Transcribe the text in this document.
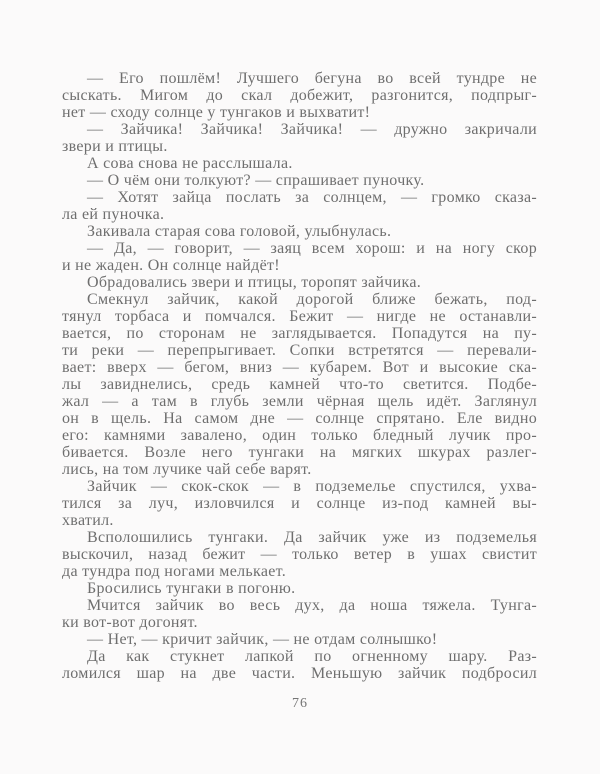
— Его пошлём! Лучшего бегуна во всей тундре не
сыскать. Мигом до скал добежит, разгонится, подпрыг-
нет — сходу солнце у тунгаков и выхватит!
— Зайчика! Зайчика! Зайчика! — дружно закричали
звери и птицы.
А сова снова не расслышала.
— О чём они толкуют? — спрашивает пуночку.
— Хотят зайца послать за солнцем, — громко сказа-
ла ей пуночка.
Закивала старая сова головой, улыбнулась.
— Да, — говорит, — заяц всем хорош: и на ногу скор
и не жаден. Он солнце найдёт!
Обрадовались звери и птицы, торопят зайчика.
Смекнул зайчик, какой дорогой ближе бежать, под-
тянул торбаса и помчался. Бежит — нигде не останавли-
вается, по сторонам не заглядывается. Попадутся на пу-
ти реки — перепрыгивает. Сопки встретятся — перевали-
вает: вверх — бегом, вниз — кубарем. Вот и высокие ска-
лы завиднелись, средь камней что-то светится. Подбе-
жал — а там в глубь земли чёрная щель идёт. Заглянул
он в щель. На самом дне — солнце спрятано. Еле видно
его: камнями завалено, один только бледный лучик про-
бивается. Возле него тунгаки на мягких шкурах разлег-
лись, на том лучике чай себе варят.
Зайчик — скок-скок — в подземелье спустился, ухва-
тился за луч, изловчился и солнце из-под камней вы-
хватил.
Всполошились тунгаки. Да зайчик уже из подземелья
выскочил, назад бежит — только ветер в ушах свистит
да тундра под ногами мелькает.
Бросились тунгаки в погоню.
Мчится зайчик во весь дух, да ноша тяжела. Тунга-
ки вот-вот догонят.
— Нет, — кричит зайчик, — не отдам солнышко!
Да как стукнет лапкой по огненному шару. Раз-
ломился шар на две части. Меньшую зайчик подбросил
76
